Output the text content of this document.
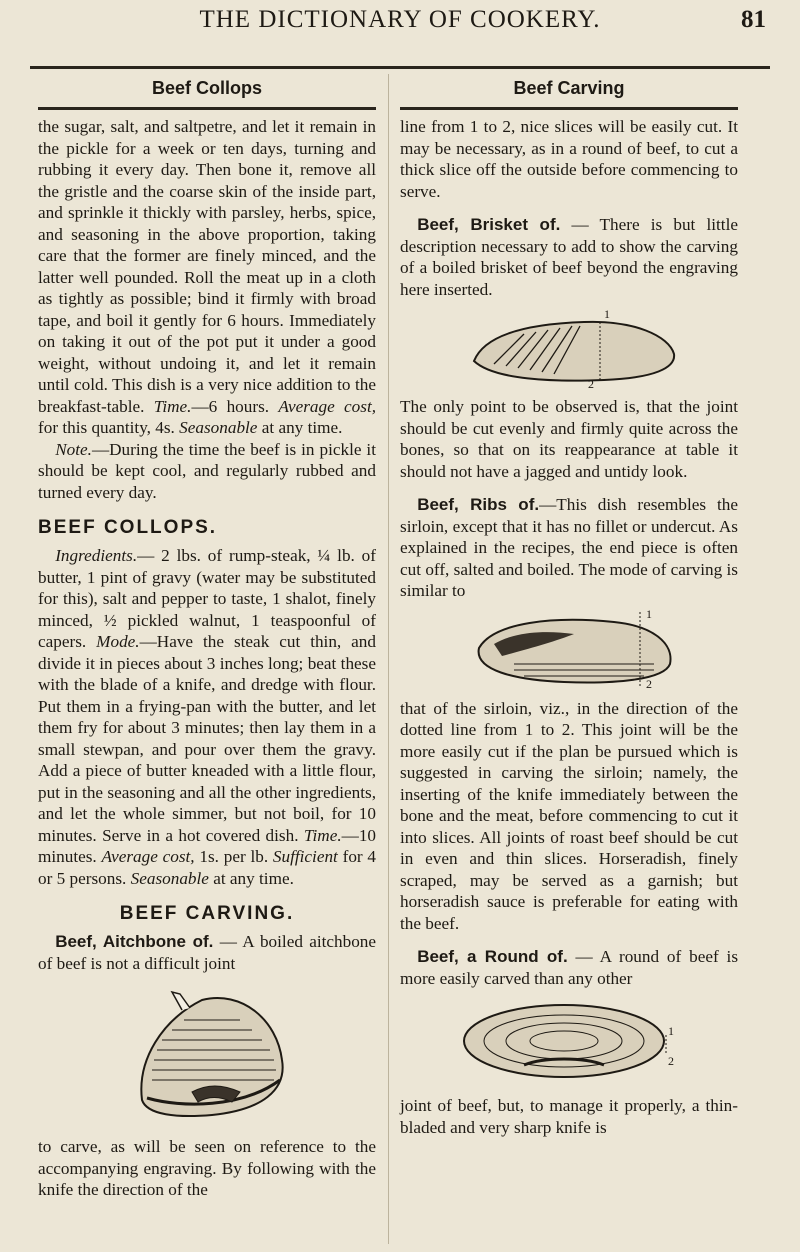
THE DICTIONARY OF COOKERY.	81
Beef Collops

the sugar, salt, and saltpetre, and let it remain in the pickle for a week or ten days, turning and rubbing it every day. Then bone it, remove all the gristle and the coarse skin of the inside part, and sprinkle it thickly with parsley, herbs, spice, and seasoning in the above proportion, taking care that the former are finely minced, and the latter well pounded. Roll the meat up in a cloth as tightly as possible; bind it firmly with broad tape, and boil it gently for 6 hours. Immediately on taking it out of the pot put it under a good weight, without undoing it, and let it remain until cold. This dish is a very nice addition to the breakfast-table. Time.—6 hours. Average cost, for this quantity, 4s. Seasonable at any time.

 Note.—During the time the beef is in pickle it should be kept cool, and regularly rubbed and turned every day.

BEEF COLLOPS.

 Ingredients.— 2 lbs. of rump-steak, ¼ lb. of butter, 1 pint of gravy (water may be substituted for this), salt and pepper to taste, 1 shalot, finely minced, ½ pickled walnut, 1 teaspoonful of capers. Mode.—Have the steak cut thin, and divide it in pieces about 3 inches long; beat these with the blade of a knife, and dredge with flour. Put them in a frying-pan with the butter, and let them fry for about 3 minutes; then lay them in a small stewpan, and pour over them the gravy. Add a piece of butter kneaded with a little flour, put in the seasoning and all the other ingredients, and let the whole simmer, but not boil, for 10 minutes. Serve in a hot covered dish. Time.—10 minutes. Average cost, 1s. per lb. Sufficient for 4 or 5 persons. Seasonable at any time.

BEEF CARVING.

 Beef, Aitchbone of. — A boiled aitchbone of beef is not a difficult joint

to carve, as will be seen on reference to the accompanying engraving. By following with the knife the direction of the

Beef Carving

line from 1 to 2, nice slices will be easily cut. It may be necessary, as in a round of beef, to cut a thick slice off the outside before commencing to serve.

 Beef, Brisket of. — There is but little description necessary to add to show the carving of a boiled brisket of beef beyond the engraving here inserted.

1
2

The only point to be observed is, that the joint should be cut evenly and firmly quite across the bones, so that on its reappearance at table it should not have a jagged and untidy look.

 Beef, Ribs of.—This dish resembles the sirloin, except that it has no fillet or undercut. As explained in the recipes, the end piece is often cut off, salted and boiled. The mode of carving is similar to

1
2

that of the sirloin, viz., in the direction of the dotted line from 1 to 2. This joint will be the more easily cut if the plan be pursued which is suggested in carving the sirloin; namely, the inserting of the knife immediately between the bone and the meat, before commencing to cut it into slices. All joints of roast beef should be cut in even and thin slices. Horseradish, finely scraped, may be served as a garnish; but horseradish sauce is preferable for eating with the beef.

 Beef, a Round of. — A round of beef is more easily carved than any other

1
2

joint of beef, but, to manage it properly, a thin-bladed and very sharp knife is
